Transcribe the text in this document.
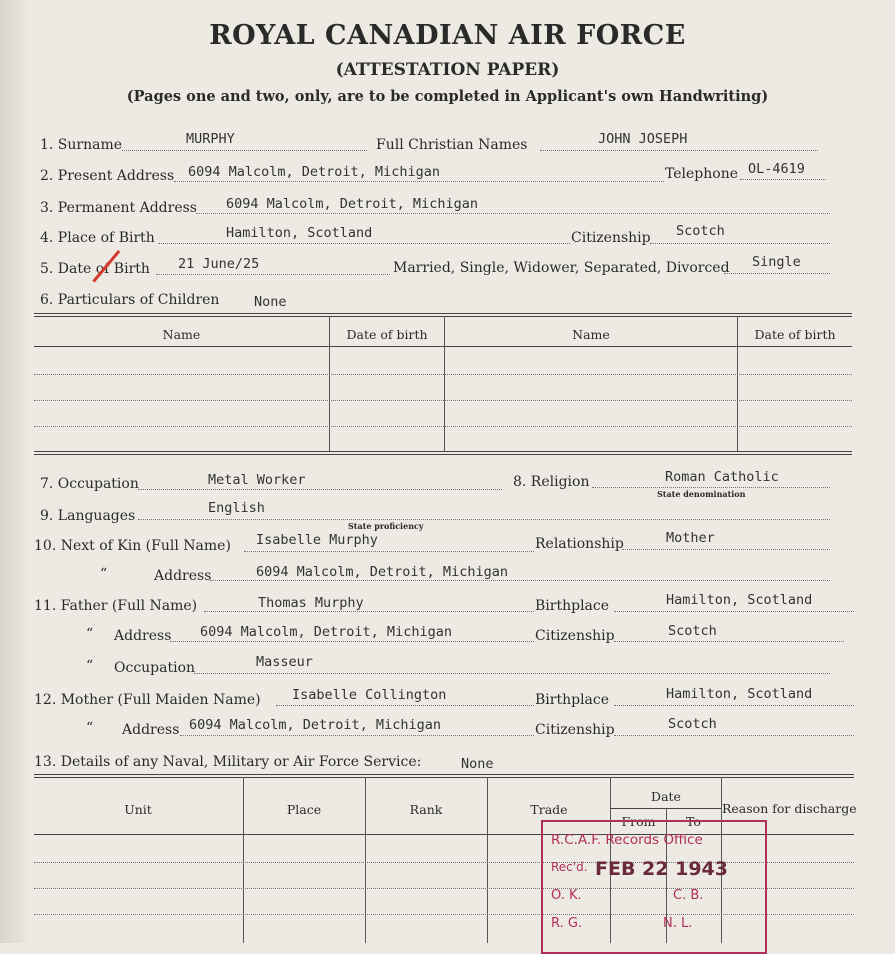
ROYAL CANADIAN AIR FORCE
(ATTESTATION PAPER)
(Pages one and two, only, are to be completed in Applicant's own Handwriting)
1. Surname	MURPHY	Full Christian Names	JOHN JOSEPH
2. Present Address 6094 Malcolm, Detroit, Michigan	Telephone OL-4619
3. Permanent Address 6094 Malcolm, Detroit, Michigan
4. Place of Birth	Hamilton, Scotland	Citizenship Scotch
5. Date of Birth 21 June/25	Married, Single, Widower, Separated, Divorced Single
6. Particulars of Children	None
Name	Date of birth	Name	Date of birth
7. Occupation	Metal Worker	8. Religion	Roman Catholic
State denomination
9. Languages	English
State proficiency
10. Next of Kin (Full Name) Isabelle Murphy	Relationship	Mother
“	Address	6094 Malcolm, Detroit, Michigan
11. Father (Full Name)	Thomas Murphy	Birthplace	Hamilton, Scotland
“ Address 6094 Malcolm, Detroit, Michigan	Citizenship	Scotch
“ Occupation	Masseur
12. Mother (Full Maiden Name) Isabelle Collington	Birthplace	Hamilton, Scotland
“ Address 6094 Malcolm, Detroit, Michigan	Citizenship	Scotch
13. Details of any Naval, Military or Air Force Service:	None
Unit	Place	Rank	Trade
Date
From	To
Reason for discharge
R.C.A.F. Records Office
Rec'd. FEB 22 1943
O. K.	C. B.
R. G.	N. L.
